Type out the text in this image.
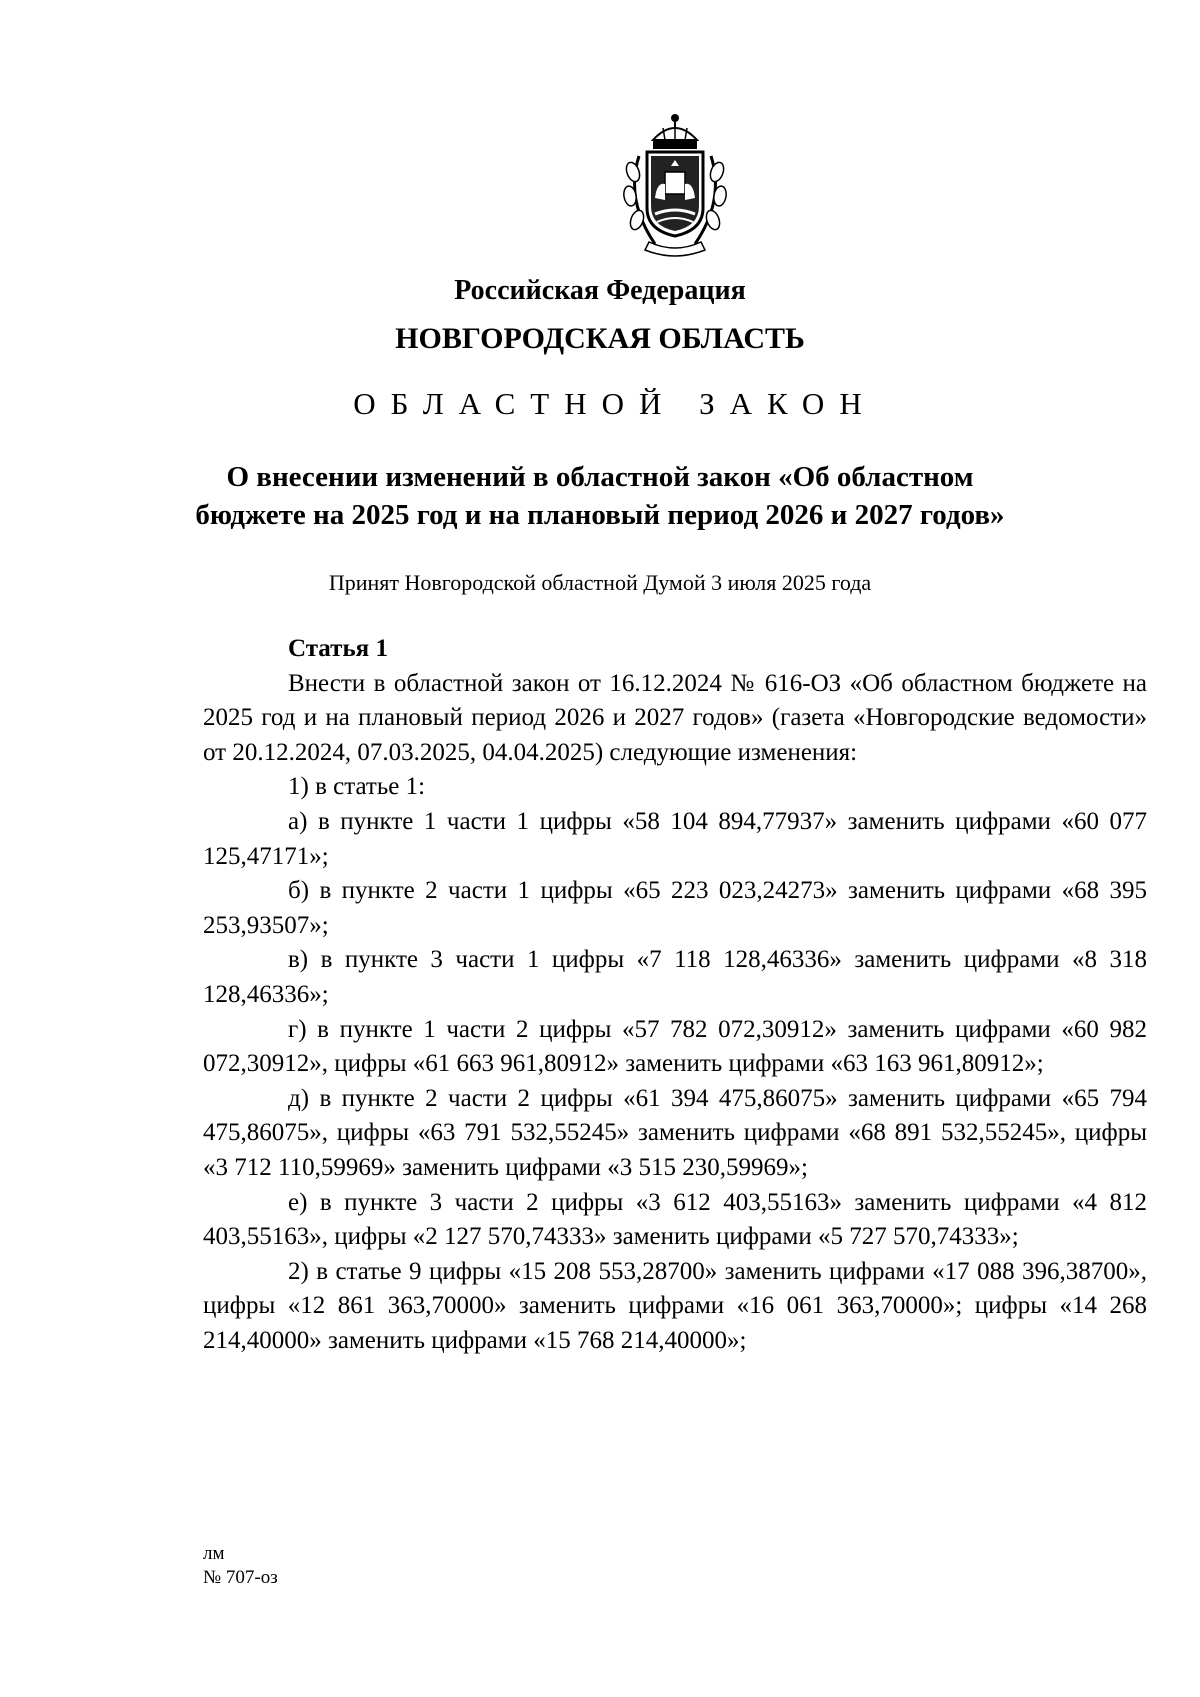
Российская Федерация
НОВГОРОДСКАЯ ОБЛАСТЬ
ОБЛАСТНОЙ ЗАКОН
О внесении изменений в областной закон «Об областном
бюджете на 2025 год и на плановый период 2026 и 2027 годов»
Принят Новгородской областной Думой 3 июля 2025 года

Статья 1

Внести в областной закон от 16.12.2024 № 616-ОЗ «Об областном бюджете на 2025 год и на плановый период 2026 и 2027 годов» (газета «Новгородские ведомости» от 20.12.2024, 07.03.2025, 04.04.2025) следующие изменения:

1) в статье 1:

а) в пункте 1 части 1 цифры «58 104 894,77937» заменить цифрами «60 077 125,47171»;

б) в пункте 2 части 1 цифры «65 223 023,24273» заменить цифрами «68 395 253,93507»;

в) в пункте 3 части 1 цифры «7 118 128,46336» заменить цифрами «8 318 128,46336»;

г) в пункте 1 части 2 цифры «57 782 072,30912» заменить цифрами «60 982 072,30912», цифры «61 663 961,80912» заменить цифрами «63 163 961,80912»;

д) в пункте 2 части 2 цифры «61 394 475,86075» заменить цифрами «65 794 475,86075», цифры «63 791 532,55245» заменить цифрами «68 891 532,55245», цифры «3 712 110,59969» заменить цифрами «3 515 230,59969»;

е) в пункте 3 части 2 цифры «3 612 403,55163» заменить цифрами «4 812 403,55163», цифры «2 127 570,74333» заменить цифрами «5 727 570,74333»;

2) в статье 9 цифры «15 208 553,28700» заменить цифрами «17 088 396,38700», цифры «12 861 363,70000» заменить цифрами «16 061 363,70000»; цифры «14 268 214,40000» заменить цифрами «15 768 214,40000»;

лм
№ 707-оз
